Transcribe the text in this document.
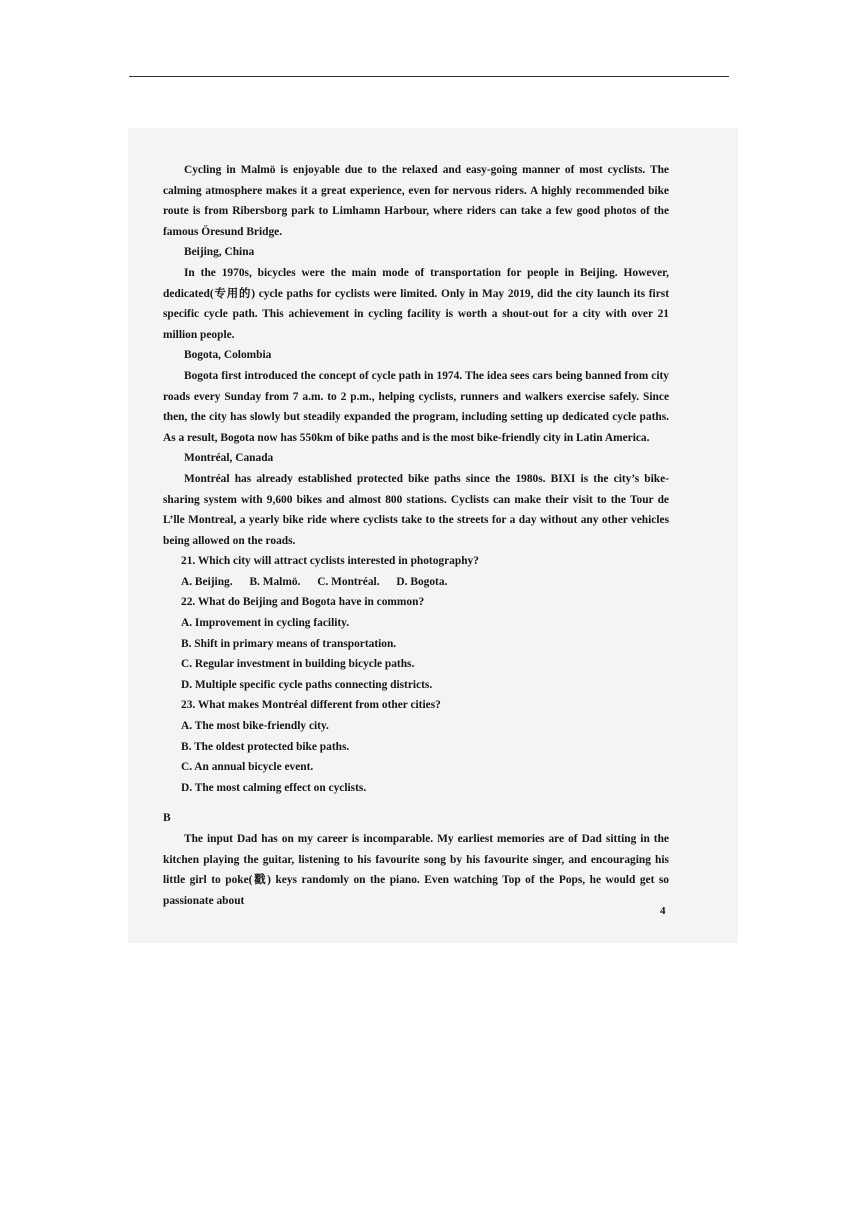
Cycling in Malmö is enjoyable due to the relaxed and easy-going manner of most cyclists. The calming atmosphere makes it a great experience, even for nervous riders. A highly recommended bike route is from Ribersborg park to Limhamn Harbour, where riders can take a few good photos of the famous Öresund Bridge.

Beijing, China

In the 1970s, bicycles were the main mode of transportation for people in Beijing. However, dedicated(专用的) cycle paths for cyclists were limited. Only in May 2019, did the city launch its first specific cycle path. This achievement in cycling facility is worth a shout-out for a city with over 21 million people.

Bogota, Colombia

Bogota first introduced the concept of cycle path in 1974. The idea sees cars being banned from city roads every Sunday from 7 a.m. to 2 p.m., helping cyclists, runners and walkers exercise safely. Since then, the city has slowly but steadily expanded the program, including setting up dedicated cycle paths. As a result, Bogota now has 550km of bike paths and is the most bike-friendly city in Latin America.

Montréal, Canada

Montréal has already established protected bike paths since the 1980s. BIXI is the city’s bike-sharing system with 9,600 bikes and almost 800 stations. Cyclists can make their visit to the Tour de L’lle Montreal, a yearly bike ride where cyclists take to the streets for a day without any other vehicles being allowed on the roads.

21. Which city will attract cyclists interested in photography?

A. Beijing. B. Malmö. C. Montréal. D. Bogota.

22. What do Beijing and Bogota have in common?

A. Improvement in cycling facility.

B. Shift in primary means of transportation.

C. Regular investment in building bicycle paths.

D. Multiple specific cycle paths connecting districts.

23. What makes Montréal different from other cities?

A. The most bike-friendly city.

B. The oldest protected bike paths.

C. An annual bicycle event.

D. The most calming effect on cyclists.

B

The input Dad has on my career is incomparable. My earliest memories are of Dad sitting in the kitchen playing the guitar, listening to his favourite song by his favourite singer, and encouraging his little girl to poke(戳) keys randomly on the piano. Even watching Top of the Pops, he would get so passionate about

4
